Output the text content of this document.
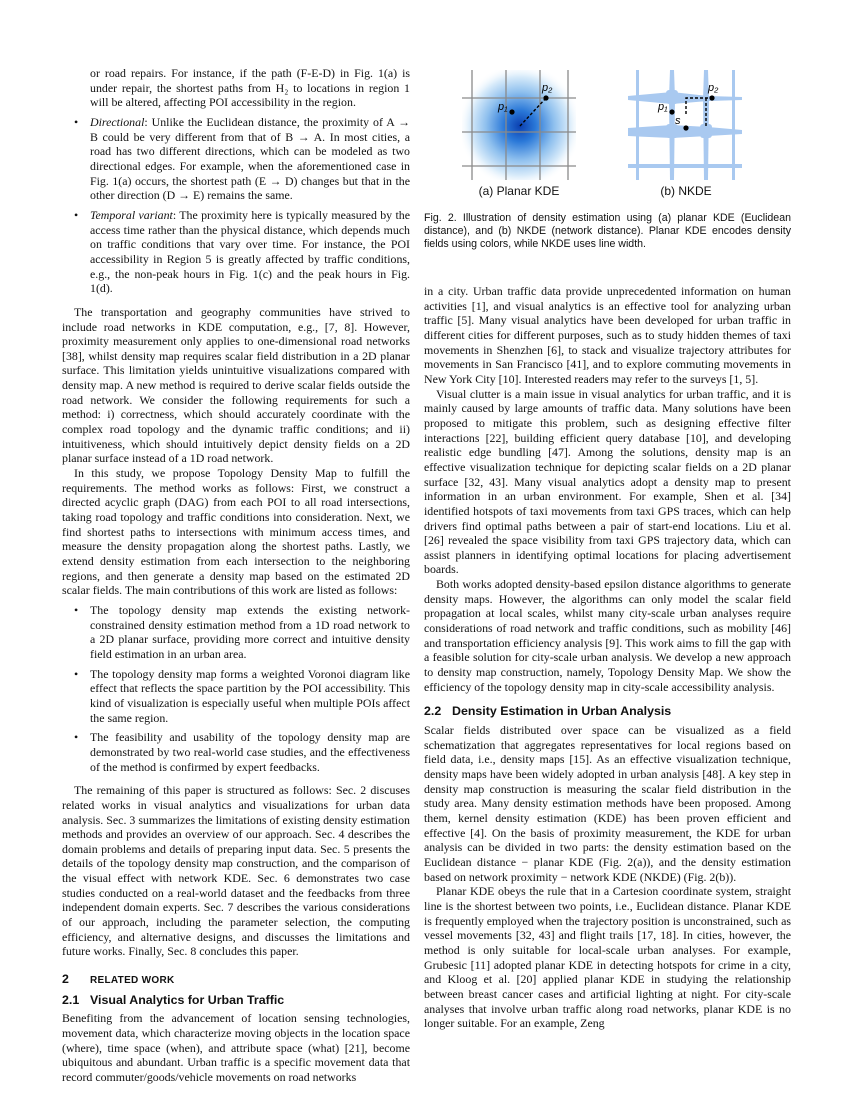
or road repairs. For instance, if the path (F-E-D) in Fig. 1(a) is under repair, the shortest paths from H₂ to locations in region 1 will be altered, affecting POI accessibility in the region.

• Directional: Unlike the Euclidean distance, the proximity of A → B could be very different from that of B → A. In most cities, a road has two different directions, which can be modeled as two directional edges. For example, when the aforementioned case in Fig. 1(a) occurs, the shortest path (E → D) changes but that in the other direction (D → E) remains the same.
• Temporal variant: The proximity here is typically measured by the access time rather than the physical distance, which depends much on traffic conditions that vary over time. For instance, the POI accessibility in Region 5 is greatly affected by traffic conditions, e.g., the non-peak hours in Fig. 1(c) and the peak hours in Fig. 1(d).

The transportation and geography communities have strived to include road networks in KDE computation, e.g., [7, 8]. However, proximity measurement only applies to one-dimensional road networks [38], whilst density map requires scalar field distribution in a 2D planar surface. This limitation yields unintuitive visualizations compared with density map. A new method is required to derive scalar fields outside the road network. We consider the following requirements for such a method: i) correctness, which should accurately coordinate with the complex road topology and the dynamic traffic conditions; and ii) intuitiveness, which should intuitively depict density fields on a 2D planar surface instead of a 1D road network.

In this study, we propose Topology Density Map to fulfill the requirements. The method works as follows: First, we construct a directed acyclic graph (DAG) from each POI to all road intersections, taking road topology and traffic conditions into consideration. Next, we find shortest paths to intersections with minimum access times, and measure the density propagation along the shortest paths. Lastly, we extend density estimation from each intersection to the neighboring regions, and then generate a density map based on the estimated 2D scalar fields. The main contributions of this work are listed as follows:

• The topology density map extends the existing network-constrained density estimation method from a 1D road network to a 2D planar surface, providing more correct and intuitive density field estimation in an urban area.
• The topology density map forms a weighted Voronoi diagram like effect that reflects the space partition by the POI accessibility. This kind of visualization is especially useful when multiple POIs affect the same region.
• The feasibility and usability of the topology density map are demonstrated by two real-world case studies, and the effectiveness of the method is confirmed by expert feedbacks.

The remaining of this paper is structured as follows: Sec. 2 discuses related works in visual analytics and visualizations for urban data analysis. Sec. 3 summarizes the limitations of existing density estimation methods and provides an overview of our approach. Sec. 4 describes the domain problems and details of preparing input data. Sec. 5 presents the details of the topology density map construction, and the comparison of the visual effect with network KDE. Sec. 6 demonstrates two case studies conducted on a real-world dataset and the feedbacks from three independent domain experts. Sec. 7 describes the various considerations of our approach, including the parameter selection, the computing efficiency, and alternative designs, and discusses the limitations and future works. Finally, Sec. 8 concludes this paper.

2 RELATED WORK
2.1 Visual Analytics for Urban Traffic

Benefiting from the advancement of location sensing technologies, movement data, which characterize moving objects in the location space (where), time space (when), and attribute space (what) [21], become ubiquitous and abundant. Urban traffic is a specific movement data that record commuter/goods/vehicle movements on road networks

p₁
p₂
(a) Planar KDE
p₁
p₂
s
(b) NKDE

Fig. 2. Illustration of density estimation using (a) planar KDE (Euclidean distance), and (b) NKDE (network distance). Planar KDE encodes density fields using colors, while NKDE uses line width.

in a city. Urban traffic data provide unprecedented information on human activities [1], and visual analytics is an effective tool for analyzing urban traffic [5]. Many visual analytics have been developed for urban traffic in different cities for different purposes, such as to study hidden themes of taxi movements in Shenzhen [6], to stack and visualize trajectory attributes for movements in San Francisco [41], and to explore commuting movements in New York City [10]. Interested readers may refer to the surveys [1, 5].

Visual clutter is a main issue in visual analytics for urban traffic, and it is mainly caused by large amounts of traffic data. Many solutions have been proposed to mitigate this problem, such as designing effective filter interactions [22], building efficient query database [10], and developing realistic edge bundling [47]. Among the solutions, density map is an effective visualization technique for depicting scalar fields on a 2D planar surface [32, 43]. Many visual analytics adopt a density map to present information in an urban environment. For example, Shen et al. [34] identified hotspots of taxi movements from taxi GPS traces, which can help drivers find optimal paths between a pair of start-end locations. Liu et al. [26] revealed the space visibility from taxi GPS trajectory data, which can assist planners in identifying optimal locations for placing advertisement boards.

Both works adopted density-based epsilon distance algorithms to generate density maps. However, the algorithms can only model the scalar field propagation at local scales, whilst many city-scale urban analyses require considerations of road network and traffic conditions, such as mobility [46] and transportation efficiency analysis [9]. This work aims to fill the gap with a feasible solution for city-scale urban analysis. We develop a new approach to density map construction, namely, Topology Density Map. We show the efficiency of the topology density map in city-scale accessibility analysis.

2.2 Density Estimation in Urban Analysis

Scalar fields distributed over space can be visualized as a field schematization that aggregates representatives for local regions based on field data, i.e., density maps [15]. As an effective visualization technique, density maps have been widely adopted in urban analysis [48]. A key step in density map construction is measuring the scalar field distribution in the study area. Many density estimation methods have been proposed. Among them, kernel density estimation (KDE) has been proven efficient and effective [4]. On the basis of proximity measurement, the KDE for urban analysis can be divided in two parts: the density estimation based on the Euclidean distance − planar KDE (Fig. 2(a)), and the density estimation based on network proximity − network KDE (NKDE) (Fig. 2(b)).

Planar KDE obeys the rule that in a Cartesion coordinate system, straight line is the shortest between two points, i.e., Euclidean distance. Planar KDE is frequently employed when the trajectory position is unconstrained, such as vessel movements [32, 43] and flight trails [17, 18]. In cities, however, the method is only suitable for local-scale urban analyses. For example, Grubesic [11] adopted planar KDE in detecting hotspots for crime in a city, and Kloog et al. [20] applied planar KDE in studying the relationship between breast cancer cases and artificial lighting at night. For city-scale analyses that involve urban traffic along road networks, planar KDE is no longer suitable. For an example, Zeng
